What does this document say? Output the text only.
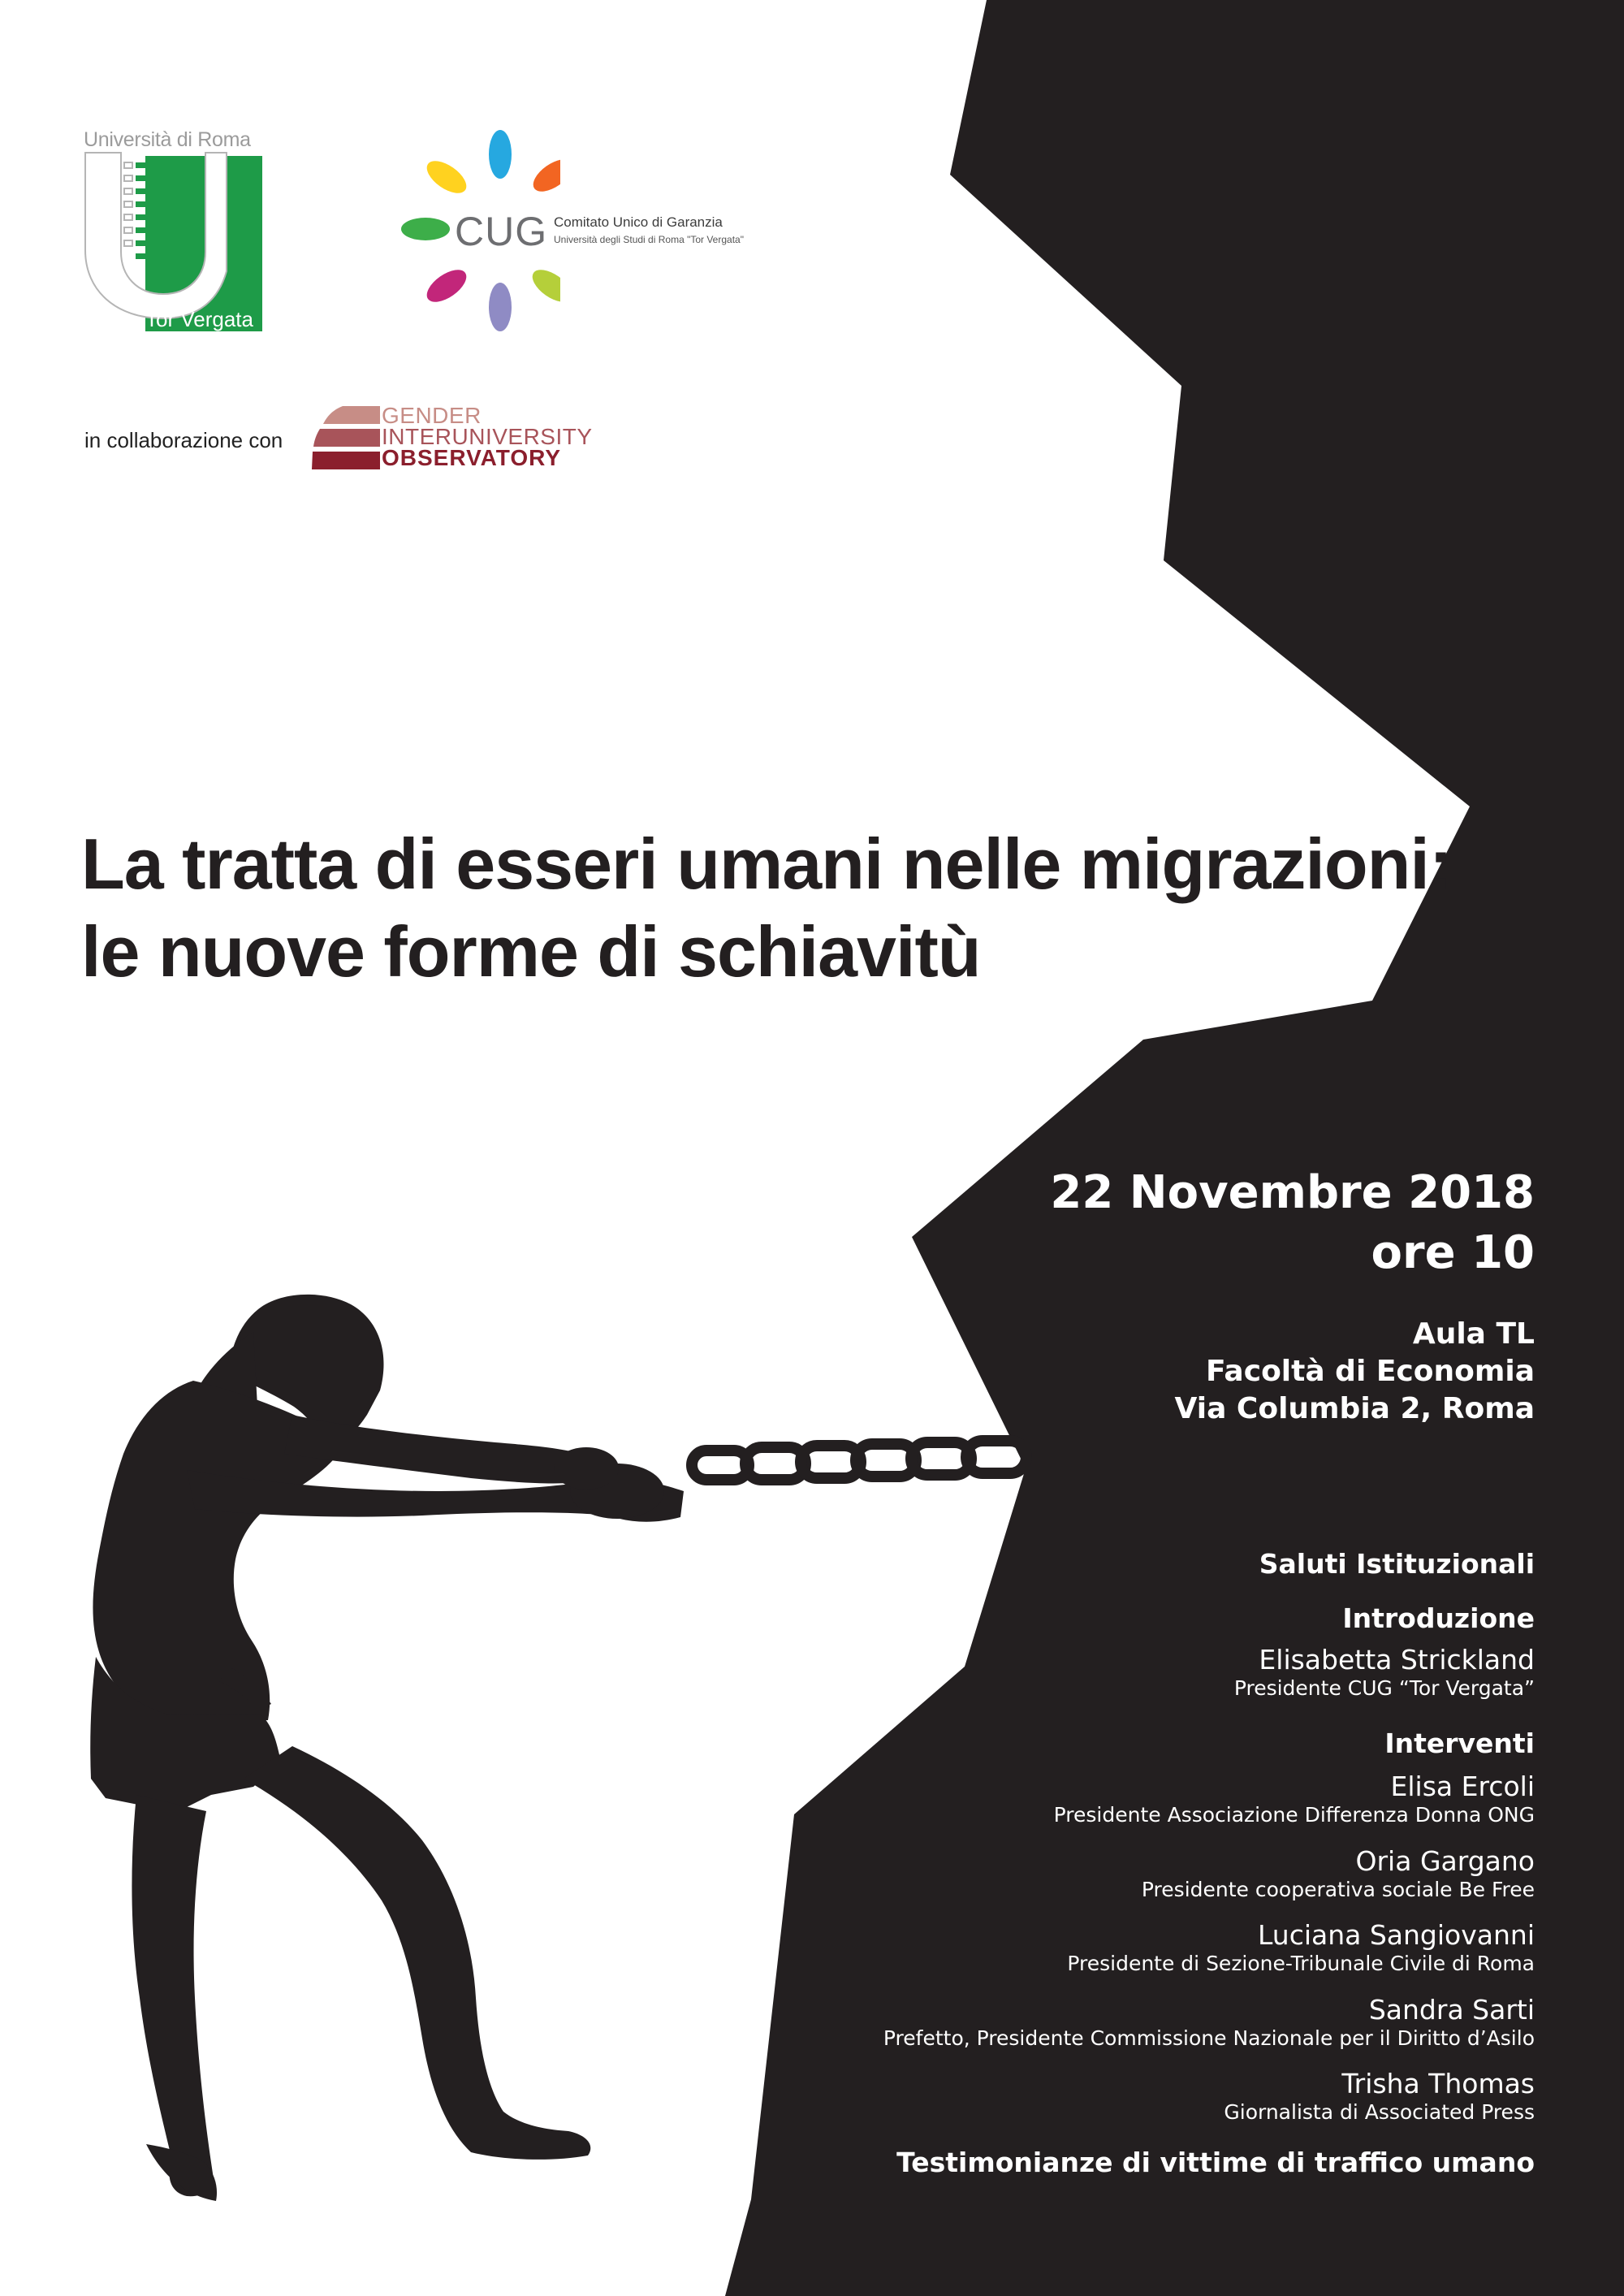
Università di Roma
Tor Vergata
CUG Comitato Unico di Garanzia
Università degli Studi di Roma "Tor Vergata"
in collaborazione con
GENDER
INTERUNIVERSITY
OBSERVATORY
La tratta di esseri umani nelle migrazioni:
le nuove forme di schiavitù
22 Novembre 2018
ore 10
Aula TL
Facoltà di Economia
Via Columbia 2, Roma
Saluti Istituzionali
Introduzione
Elisabetta Strickland
Presidente CUG “Tor Vergata”
Interventi
Elisa Ercoli
Presidente Associazione Differenza Donna ONG
Oria Gargano
Presidente cooperativa sociale Be Free
Luciana Sangiovanni
Presidente di Sezione-Tribunale Civile di Roma
Sandra Sarti
Prefetto, Presidente Commissione Nazionale per il Diritto d’Asilo
Trisha Thomas
Giornalista di Associated Press
Testimonianze di vittime di traffico umano
